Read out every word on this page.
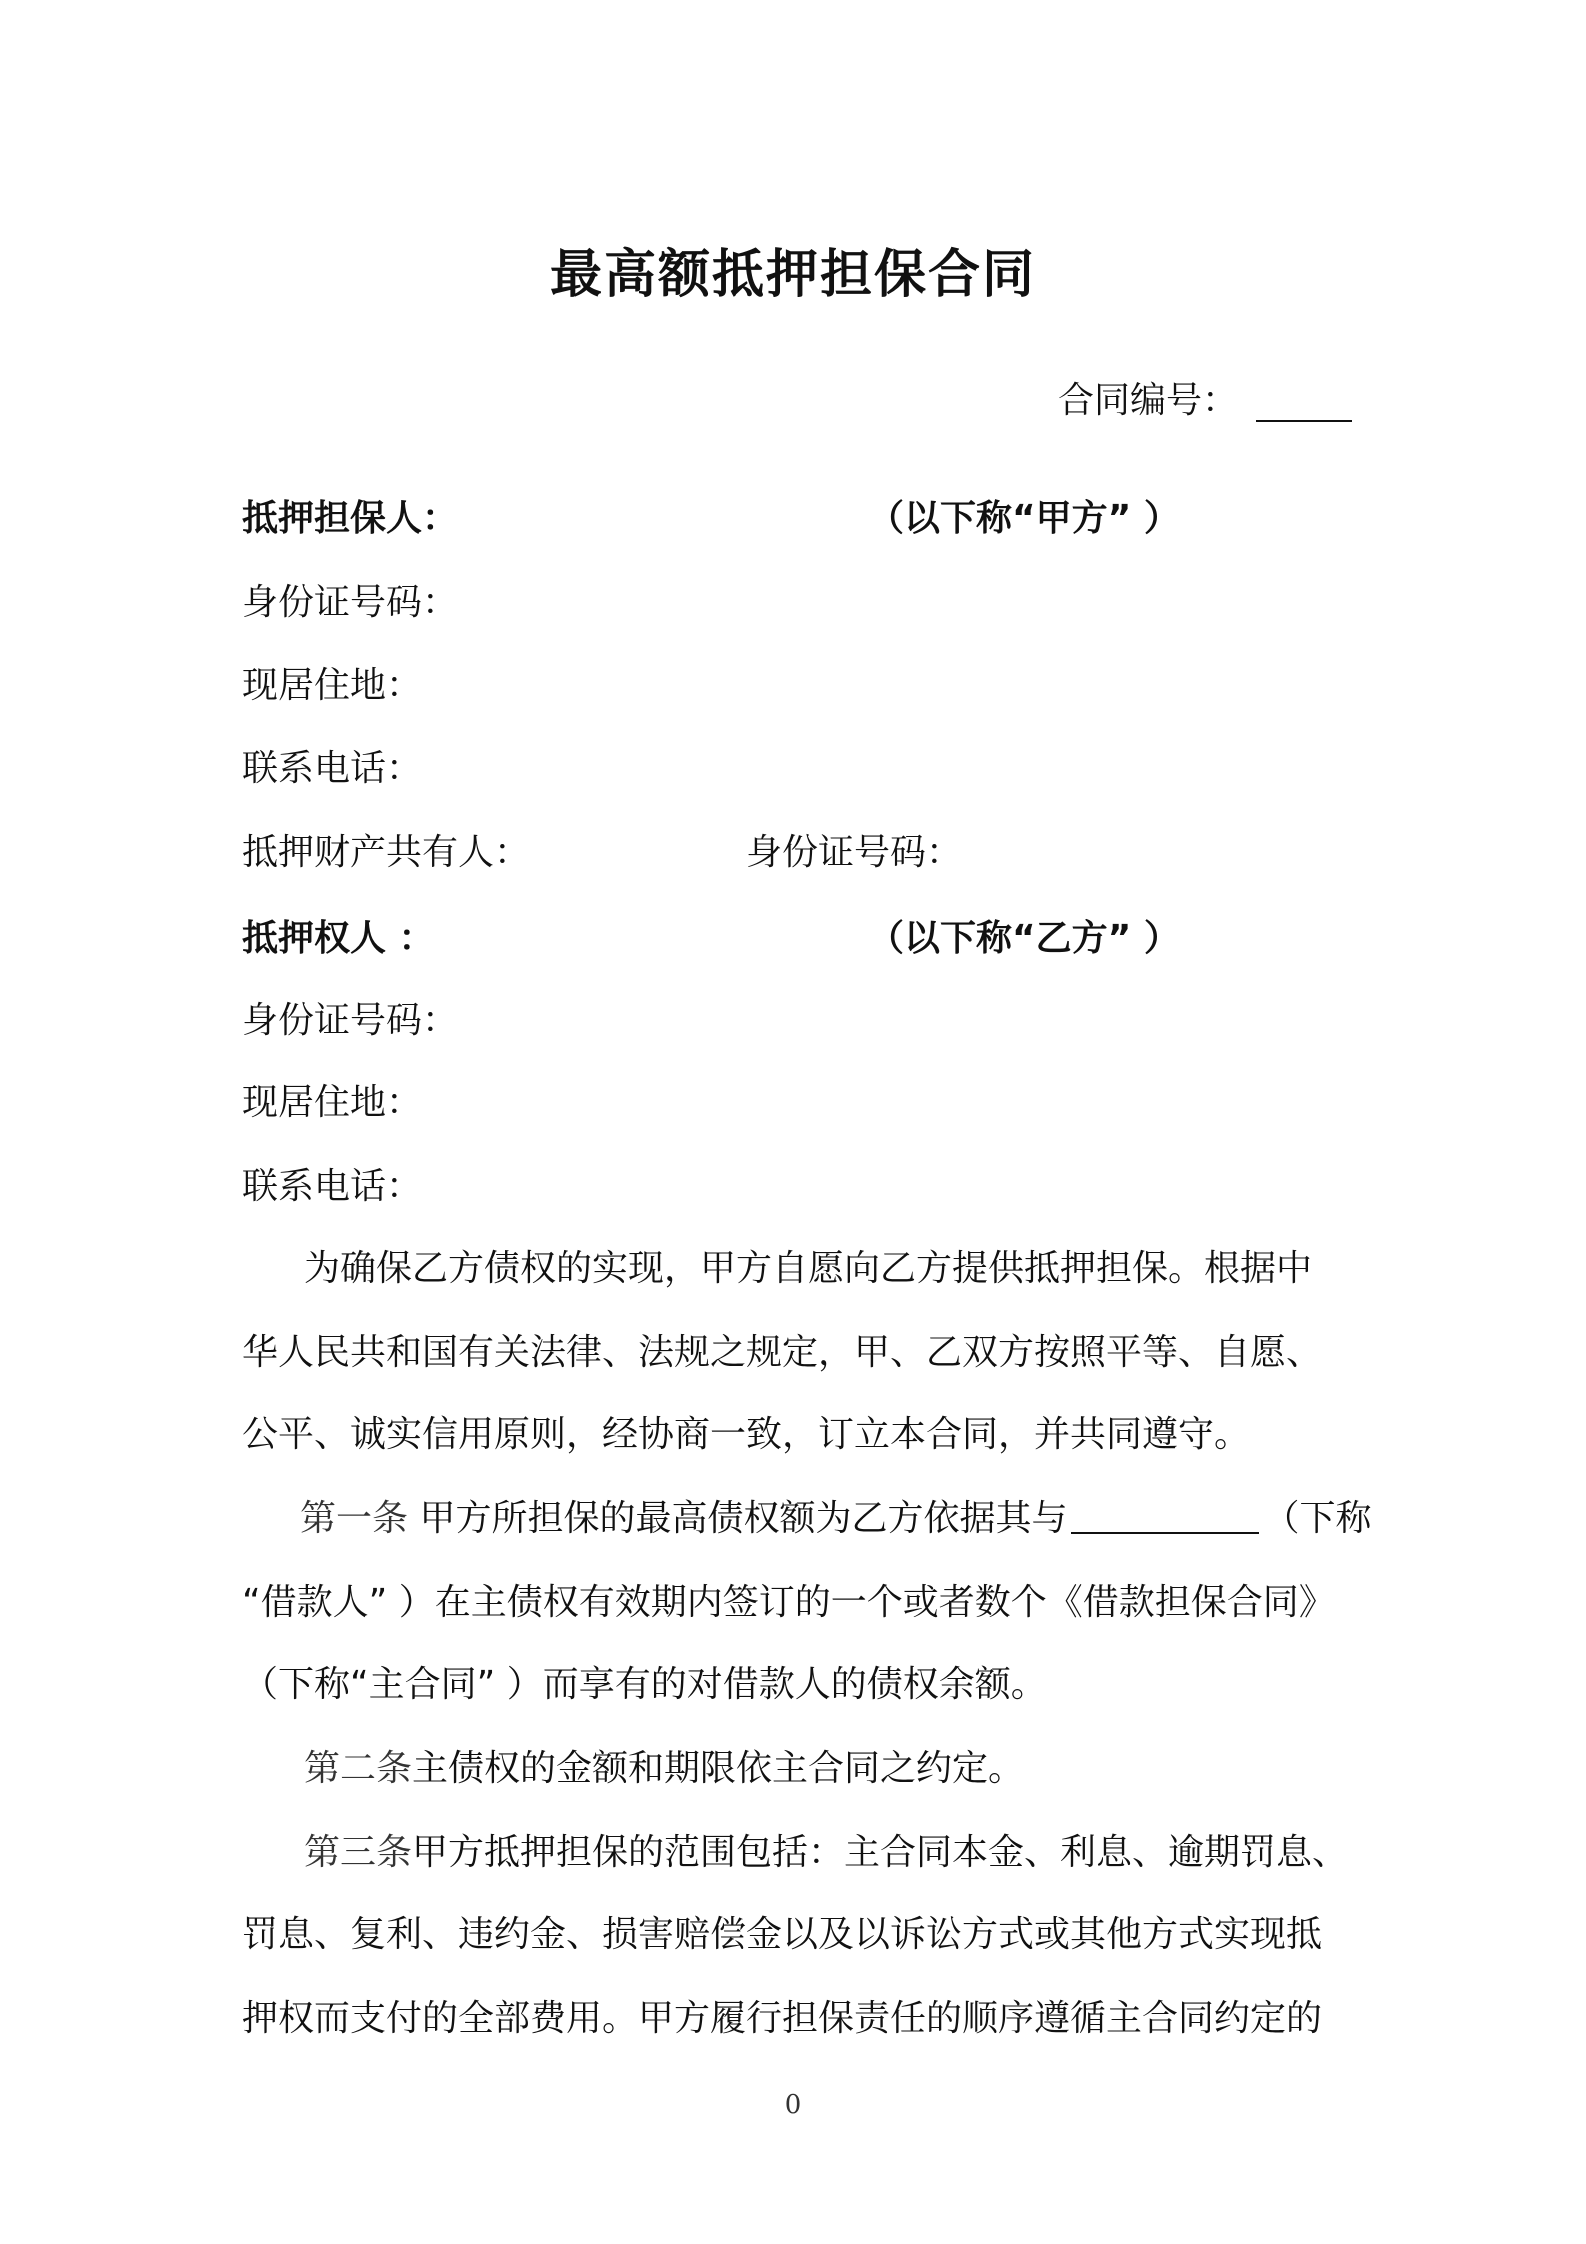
最高额抵押担保合同
合同编号：
抵押担保人：	（以下称“甲方” ）
身份证号码：
现居住地：
联系电话：
抵押财产共有人：	身份证号码：
抵押权人 ：	（以下称“乙方” ）
身份证号码：
现居住地：
联系电话：
为确保乙方债权的实现，甲方自愿向乙方提供抵押担保。根据中
华人民共和国有关法律、法规之规定，甲、乙双方按照平等、自愿、
公平、诚实信用原则，经协商一致，订立本合同，并共同遵守。
第一条 甲方所担保的最高债权额为乙方依据其与	（下称
“借款人” ）在主债权有效期内签订的一个或者数个《借款担保合同》
（下称“主合同” ）而享有的对借款人的债权余额。
第二条主债权的金额和期限依主合同之约定。
第三条甲方抵押担保的范围包括：主合同本金、利息、逾期罚息、
罚息、复利、违约金、损害赔偿金以及以诉讼方式或其他方式实现抵
押权而支付的全部费用。甲方履行担保责任的顺序遵循主合同约定的
0
